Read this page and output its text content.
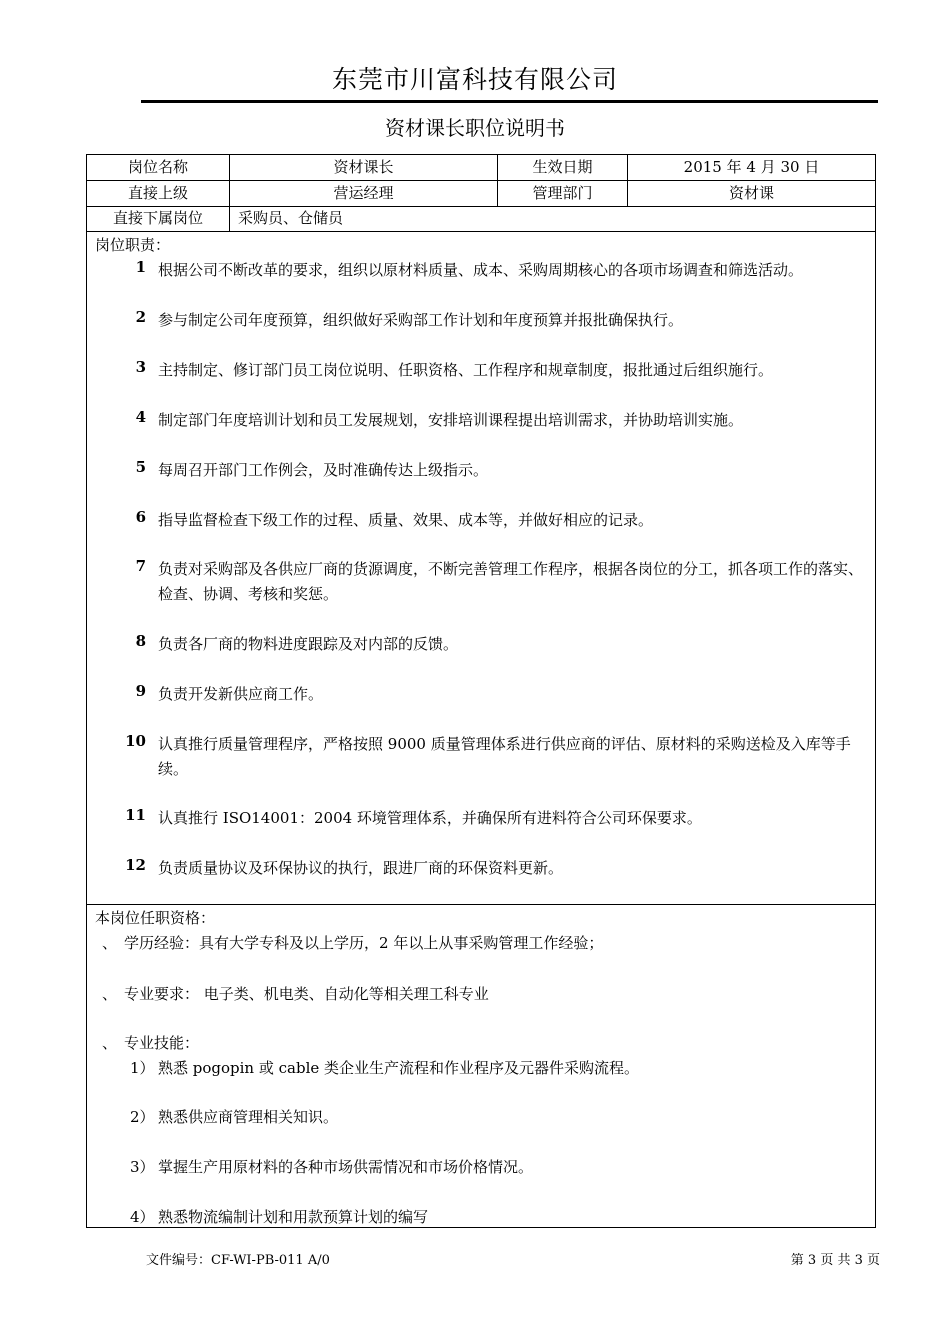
东莞市川富科技有限公司
资材课长职位说明书
岗位名称	资材课长	生效日期	2015 年 4 月 30 日
直接上级	营运经理	管理部门	资材课
直接下属岗位	采购员、仓储员
岗位职责：
1 根据公司不断改革的要求，组织以原材料质量、成本、采购周期核心的各项市场调查和筛选活动。
2 参与制定公司年度预算，组织做好采购部工作计划和年度预算并报批确保执行。
3 主持制定、修订部门员工岗位说明、任职资格、工作程序和规章制度，报批通过后组织施行。
4 制定部门年度培训计划和员工发展规划，安排培训课程提出培训需求，并协助培训实施。
5 每周召开部门工作例会，及时准确传达上级指示。
6 指导监督检查下级工作的过程、质量、效果、成本等，并做好相应的记录。
7 负责对采购部及各供应厂商的货源调度，不断完善管理工作程序，根据各岗位的分工，抓各项工作的落实、检查、协调、考核和奖惩。
8 负责各厂商的物料进度跟踪及对内部的反馈。
9 负责开发新供应商工作。
10 认真推行质量管理程序，严格按照 9000 质量管理体系进行供应商的评估、原材料的采购送检及入库等手续。
11 认真推行 ISO14001：2004 环境管理体系，并确保所有进料符合公司环保要求。
12 负责质量协议及环保协议的执行，跟进厂商的环保资料更新。
本岗位任职资格：
、 学历经验：具有大学专科及以上学历，2 年以上从事采购管理工作经验；
、 专业要求： 电子类、机电类、自动化等相关理工科专业
、 专业技能：
1） 熟悉 pogopin 或 cable 类企业生产流程和作业程序及元器件采购流程。
2） 熟悉供应商管理相关知识。
3） 掌握生产用原材料的各种市场供需情况和市场价格情况。
4） 熟悉物流编制计划和用款预算计划的编写
文件编号：CF-WI-PB-011 A/0	第 3 页 共 3 页
